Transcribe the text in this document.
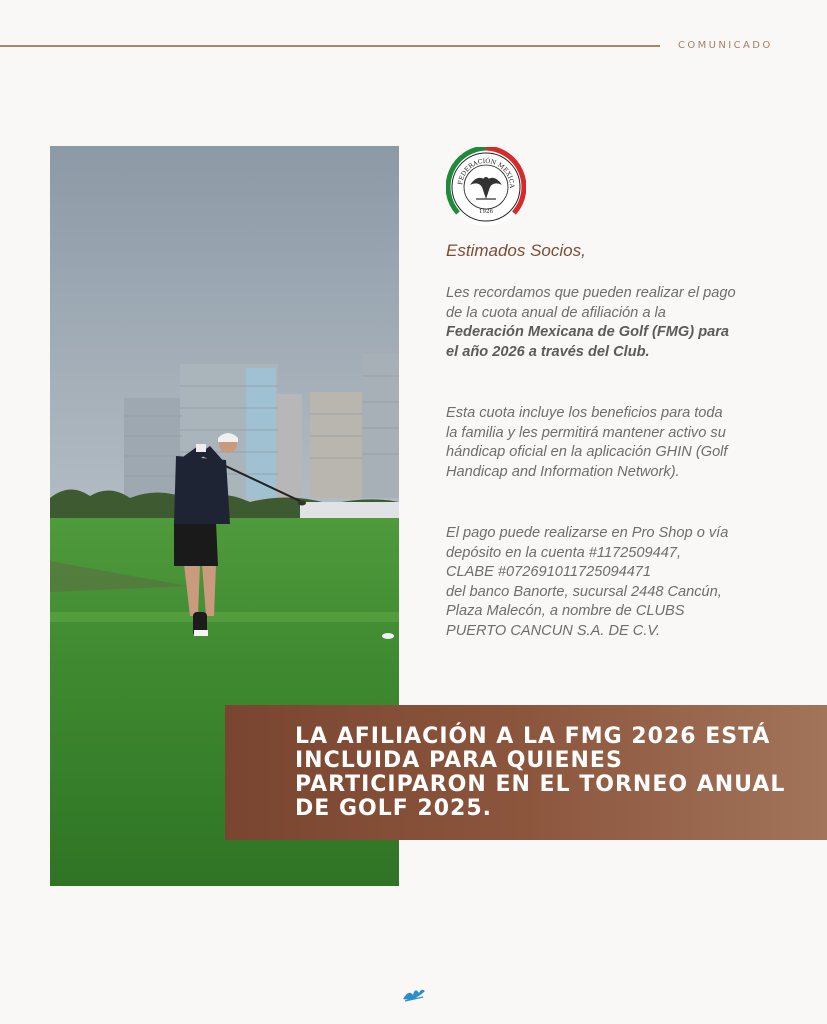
COMUNICADO
FEDERACIÓN MEXICA
1926
Estimados Socios,
Les recordamos que pueden realizar el pago de la cuota anual de afiliación a la Federación Mexicana de Golf (FMG) para el año 2026 a través del Club.
Esta cuota incluye los beneficios para toda la familia y les permitirá mantener activo su hándicap oficial en la aplicación GHIN (Golf Handicap and Information Network).
El pago puede realizarse en Pro Shop o vía depósito en la cuenta #1172509447,
CLABE #072691011725094471
del banco Banorte, sucursal 2448 Cancún, Plaza Malecón, a nombre de CLUBS PUERTO CANCUN S.A. DE C.V.
LA AFILIACIÓN A LA FMG 2026 ESTÁ INCLUIDA PARA QUIENES PARTICIPARON EN EL TORNEO ANUAL DE GOLF 2025.
